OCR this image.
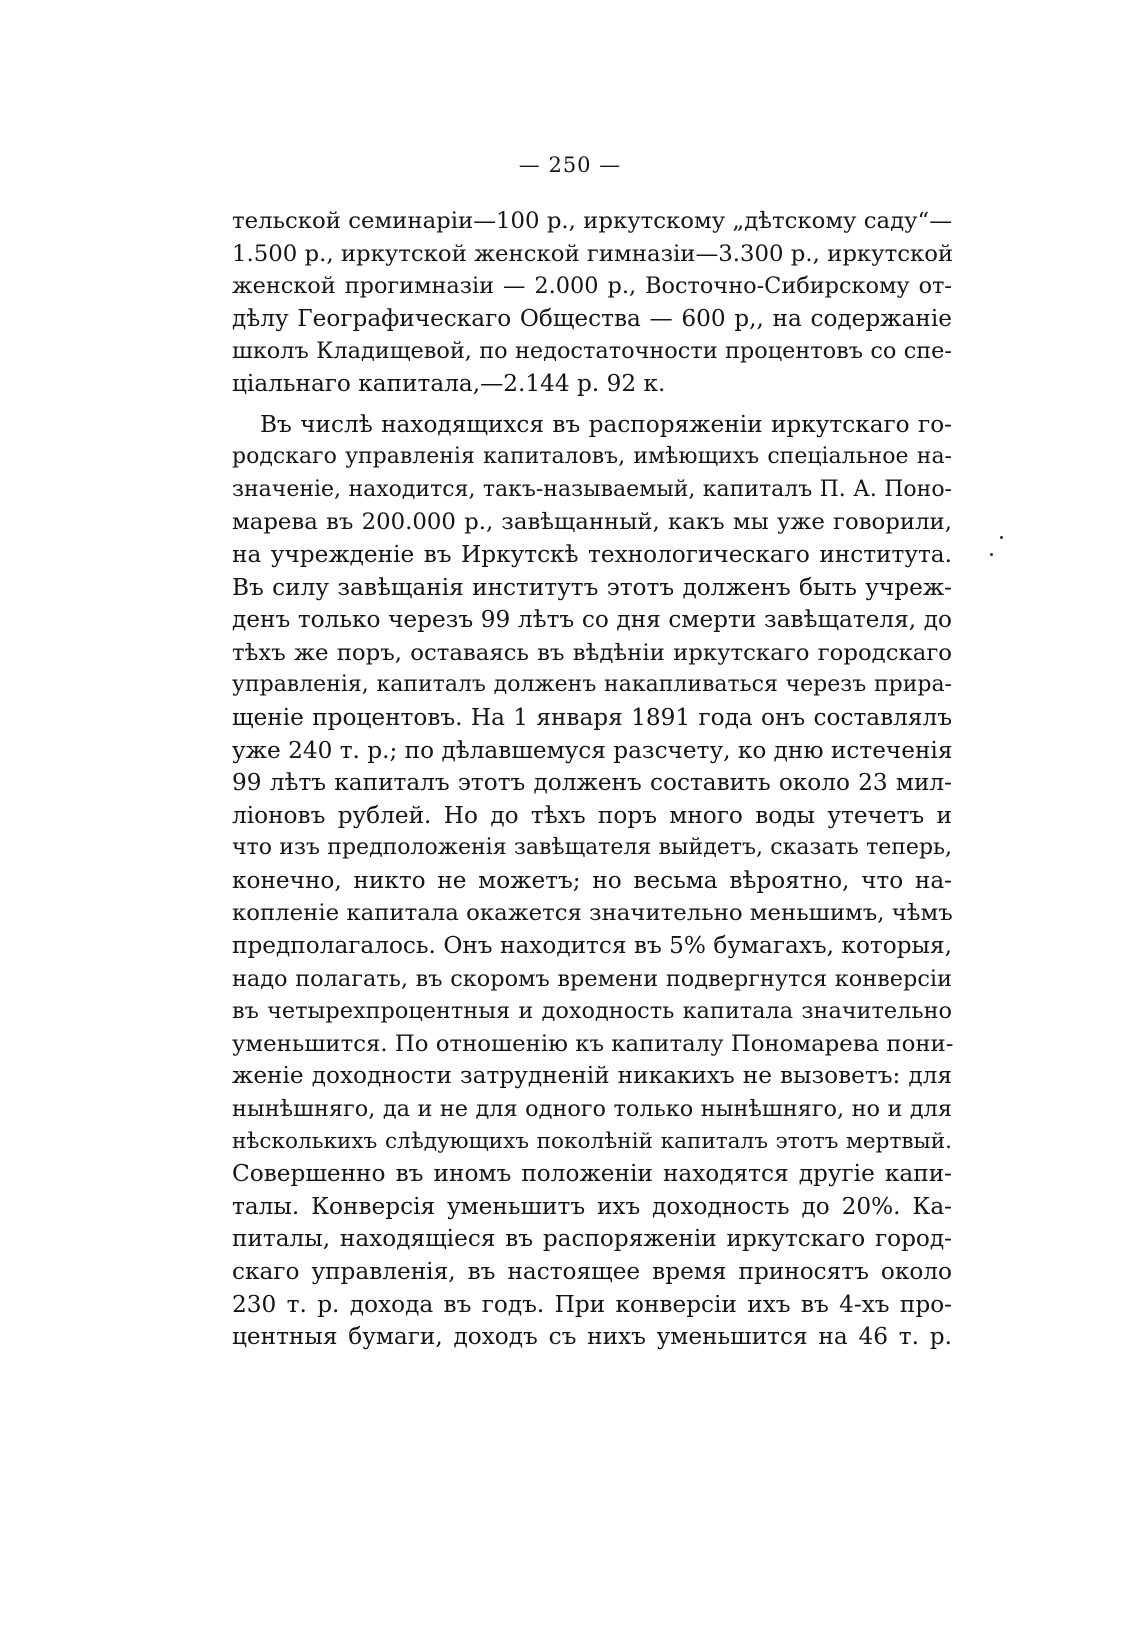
— 250 —
тельской семинаріи—100 р., иркутскому „дѣтскому саду“—
1.500 р., иркутской женской гимназіи—3.300 р., иркутской
женской прогимназіи — 2.000 р., Восточно-Сибирскому от-
дѣлу Географическаго Общества — 600 р,, на содержаніе
школъ Кладищевой, по недостаточности процентовъ со спе-
ціальнаго капитала,—2.144 р. 92 к.
Въ числѣ находящихся въ распоряженіи иркутскаго го-
родскаго управленія капиталовъ, имѣющихъ спеціальное на-
значеніе, находится, такъ-называемый, капиталъ П. А. Поно-
марева въ 200.000 р., завѣщанный, какъ мы уже говорили,
на учрежденіе въ Иркутскѣ технологическаго института.
Въ силу завѣщанія институтъ этотъ долженъ быть учреж-
денъ только черезъ 99 лѣтъ со дня смерти завѣщателя, до
тѣхъ же поръ, оставаясь въ вѣдѣніи иркутскаго городскаго
управленія, капиталъ долженъ накапливаться черезъ прира-
щеніе процентовъ. На 1 января 1891 года онъ составлялъ
уже 240 т. р.; по дѣлавшемуся разсчету, ко дню истеченія
99 лѣтъ капиталъ этотъ долженъ составить около 23 мил-
ліоновъ рублей. Но до тѣхъ поръ много воды утечетъ и
что изъ предположенія завѣщателя выйдетъ, сказать теперь,
конечно, никто не можетъ; но весьма вѣроятно, что на-
копленіе капитала окажется значительно меньшимъ, чѣмъ
предполагалось. Онъ находится въ 5% бумагахъ, которыя,
надо полагать, въ скоромъ времени подвергнутся конверсіи
въ четырехпроцентныя и доходность капитала значительно
уменьшится. По отношенію къ капиталу Пономарева пони-
женіе доходности затрудненій никакихъ не вызоветъ: для
нынѣшняго, да и не для одного только нынѣшняго, но и для
нѣсколькихъ слѣдующихъ поколѣній капиталъ этотъ мертвый.
Совершенно въ иномъ положеніи находятся другіе капи-
талы. Конверсія уменьшитъ ихъ доходность до 20%. Ка-
питалы, находящіеся въ распоряженіи иркутскаго город-
скаго управленія, въ настоящее время приносятъ около
230 т. р. дохода въ годъ. При конверсіи ихъ въ 4-хъ про-
центныя бумаги, доходъ съ нихъ уменьшится на 46 т. р.
